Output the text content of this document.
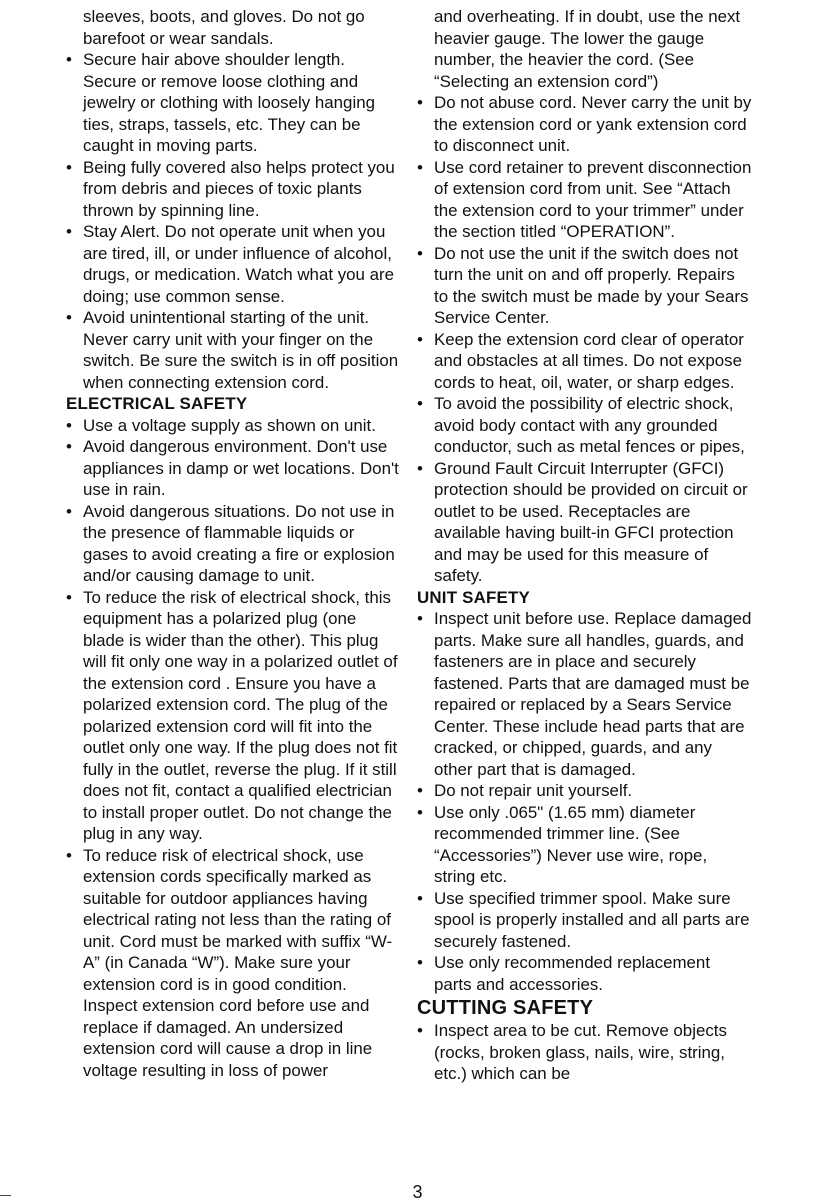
sleeves, boots, and gloves. Do not go barefoot or wear sandals.

• Secure hair above shoulder length. Secure or remove loose clothing and jewelry or clothing with loosely hanging ties, straps, tassels, etc. They can be caught in moving parts.

• Being fully covered also helps protect you from debris and pieces of toxic plants thrown by spinning line.

• Stay Alert. Do not operate unit when you are tired, ill, or under influence of alcohol, drugs, or medication. Watch what you are doing; use common sense.

• Avoid unintentional starting of the unit. Never carry unit with your finger on the switch. Be sure the switch is in off position when connecting extension cord.

ELECTRICAL SAFETY

• Use a voltage supply as shown on unit.

• Avoid dangerous environment. Don't use appliances in damp or wet locations. Don't use in rain.

• Avoid dangerous situations. Do not use in the presence of flammable liquids or gases to avoid creating a fire or explosion and/or causing damage to unit.

• To reduce the risk of electrical shock, this equipment has a polarized plug (one blade is wider than the other). This plug will fit only one way in a polarized outlet of the extension cord . Ensure you have a polarized extension cord. The plug of the polarized extension cord will fit into the outlet only one way. If the plug does not fit fully in the outlet, reverse the plug. If it still does not fit, contact a qualified electrician to install proper outlet. Do not change the plug in any way.

• To reduce risk of electrical shock, use extension cords specifically marked as suitable for outdoor appliances having electrical rating not less than the rating of unit. Cord must be marked with suffix “W-A” (in Canada “W”). Make sure your extension cord is in good condition. Inspect extension cord before use and replace if damaged. An undersized extension cord will cause a drop in line voltage resulting in loss of power

and overheating. If in doubt, use the next heavier gauge. The lower the gauge number, the heavier the cord. (See “Selecting an extension cord”)

• Do not abuse cord. Never carry the unit by the extension cord or yank extension cord to disconnect unit.

• Use cord retainer to prevent disconnection of extension cord from unit. See “Attach the extension cord to your trimmer” under the section titled “OPERATION”.

• Do not use the unit if the switch does not turn the unit on and off properly. Repairs to the switch must be made by your Sears Service Center.

• Keep the extension cord clear of operator and obstacles at all times. Do not expose cords to heat, oil, water, or sharp edges.

• To avoid the possibility of electric shock, avoid body contact with any grounded conductor, such as metal fences or pipes,

• Ground Fault Circuit Interrupter (GFCI) protection should be provided on circuit or outlet to be used. Receptacles are available having built-in GFCI protection and may be used for this measure of safety.

UNIT SAFETY

• Inspect unit before use. Replace damaged parts. Make sure all handles, guards, and fasteners are in place and securely fastened. Parts that are damaged must be repaired or replaced by a Sears Service Center. These include head parts that are cracked, or chipped, guards, and any other part that is damaged.

• Do not repair unit yourself.

• Use only .065" (1.65 mm) diameter recommended trimmer line. (See “Accessories”) Never use wire, rope, string etc.

• Use specified trimmer spool. Make sure spool is properly installed and all parts are securely fastened.

• Use only recommended replacement parts and accessories.

CUTTING SAFETY

• Inspect area to be cut. Remove objects (rocks, broken glass, nails, wire, string, etc.) which can be

3
